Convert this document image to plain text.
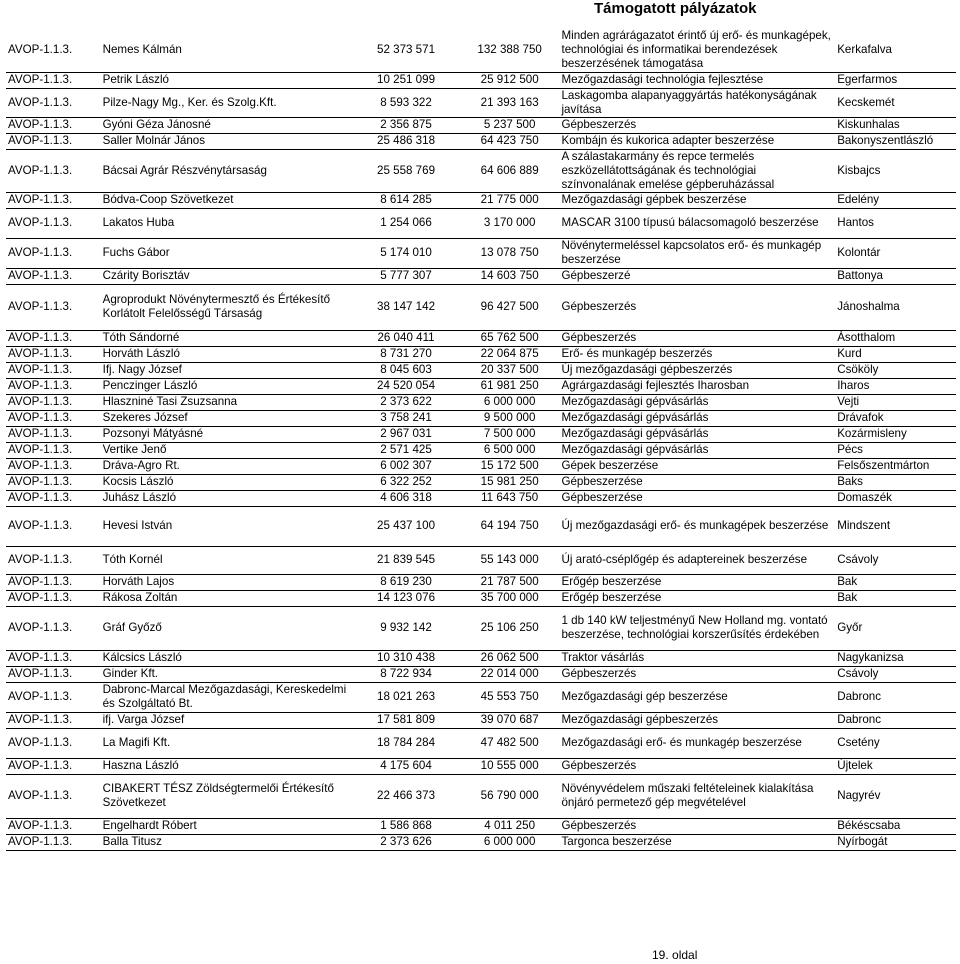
Támogatott pályázatok
AVOP-1.1.3.	Nemes Kálmán	52 373 571	132 388 750	Minden agrárágazatot érintő új erő- és munkagépek, technológiai és informatikai berendezések beszerzésének támogatása	Kerkafalva
AVOP-1.1.3.	Petrik László	10 251 099	25 912 500	Mezőgazdasági technológia fejlesztése	Egerfarmos
AVOP-1.1.3.	Pilze-Nagy Mg., Ker. és Szolg.Kft.	8 593 322	21 393 163	Laskagomba alapanyaggyártás hatékonyságának javítása	Kecskemét
AVOP-1.1.3.	Gyóni Géza Jánosné	2 356 875	5 237 500	Gépbeszerzés	Kiskunhalas
AVOP-1.1.3.	Saller Molnár János	25 486 318	64 423 750	Kombájn és kukorica adapter beszerzése	Bakonyszentlászló
AVOP-1.1.3.	Bácsai Agrár Részvénytársaság	25 558 769	64 606 889	A szálastakarmány és repce termelés eszközellátottságának és technológiai színvonalának emelése gépberuházással	Kisbajcs
AVOP-1.1.3.	Bódva-Coop Szövetkezet	8 614 285	21 775 000	Mezőgazdasági gépbek beszerzése	Edelény
AVOP-1.1.3.	Lakatos Huba	1 254 066	3 170 000	MASCAR 3100 típusú bálacsomagoló beszerzése	Hantos
AVOP-1.1.3.	Fuchs Gábor	5 174 010	13 078 750	Növénytermeléssel kapcsolatos erő- és munkagép beszerzése	Kolontár
AVOP-1.1.3.	Czárity Borisztáv	5 777 307	14 603 750	Gépbeszerzé	Battonya
AVOP-1.1.3.	Agroprodukt Növénytermesztő és Értékesítő Korlátolt Felelősségű Társaság	38 147 142	96 427 500	Gépbeszerzés	Jánoshalma
AVOP-1.1.3.	Tóth Sándorné	26 040 411	65 762 500	Gépbeszerzés	Ásotthalom
AVOP-1.1.3.	Horváth László	8 731 270	22 064 875	Erő- és munkagép beszerzés	Kurd
AVOP-1.1.3.	Ifj. Nagy József	8 045 603	20 337 500	Új mezőgazdasági gépbeszerzés	Csököly
AVOP-1.1.3.	Penczinger László	24 520 054	61 981 250	Agrárgazdasági fejlesztés Iharosban	Iharos
AVOP-1.1.3.	Hlaszniné Tasi Zsuzsanna	2 373 622	6 000 000	Mezőgazdasági gépvásárlás	Vejti
AVOP-1.1.3.	Szekeres József	3 758 241	9 500 000	Mezőgazdasági gépvásárlás	Drávafok
AVOP-1.1.3.	Pozsonyi Mátyásné	2 967 031	7 500 000	Mezőgazdasági gépvásárlás	Kozármisleny
AVOP-1.1.3.	Vertike Jenő	2 571 425	6 500 000	Mezőgazdasági gépvásárlás	Pécs
AVOP-1.1.3.	Dráva-Agro Rt.	6 002 307	15 172 500	Gépek beszerzése	Felsőszentmárton
AVOP-1.1.3.	Kocsis László	6 322 252	15 981 250	Gépbeszerzése	Baks
AVOP-1.1.3.	Juhász László	4 606 318	11 643 750	Gépbeszerzése	Domaszék
AVOP-1.1.3.	Hevesi István	25 437 100	64 194 750	Új mezőgazdasági erő- és munkagépek beszerzése	Mindszent
AVOP-1.1.3.	Tóth Kornél	21 839 545	55 143 000	Új arató-cséplőgép és adaptereinek beszerzése	Csávoly
AVOP-1.1.3.	Horváth Lajos	8 619 230	21 787 500	Erőgép beszerzése	Bak
AVOP-1.1.3.	Rákosa Zoltán	14 123 076	35 700 000	Erőgép beszerzése	Bak
AVOP-1.1.3.	Gráf Győző	9 932 142	25 106 250	1 db 140 kW teljestményű New Holland mg. vontató beszerzése, technológiai korszerűsítés érdekében	Győr
AVOP-1.1.3.	Kálcsics László	10 310 438	26 062 500	Traktor vásárlás	Nagykanizsa
AVOP-1.1.3.	Ginder Kft.	8 722 934	22 014 000	Gépbeszerzés	Csávoly
AVOP-1.1.3.	Dabronc-Marcal Mezőgazdasági, Kereskedelmi és Szolgáltató Bt.	18 021 263	45 553 750	Mezőgazdasági gép beszerzése	Dabronc
AVOP-1.1.3.	ifj. Varga József	17 581 809	39 070 687	Mezőgazdasági gépbeszerzés	Dabronc
AVOP-1.1.3.	La Magifi Kft.	18 784 284	47 482 500	Mezőgazdasági erő- és munkagép beszerzése	Csetény
AVOP-1.1.3.	Haszna László	4 175 604	10 555 000	Gépbeszerzés	Újtelek
AVOP-1.1.3.	CIBAKERT TÉSZ Zöldségtermelői Értékesítő Szövetkezet	22 466 373	56 790 000	Növényvédelem műszaki feltételeinek kialakítása önjáró permetező gép megvételével	Nagyrév
AVOP-1.1.3.	Engelhardt Róbert	1 586 868	4 011 250	Gépbeszerzés	Békéscsaba
AVOP-1.1.3.	Balla Titusz	2 373 626	6 000 000	Targonca beszerzése	Nyírbogát
19. oldal
